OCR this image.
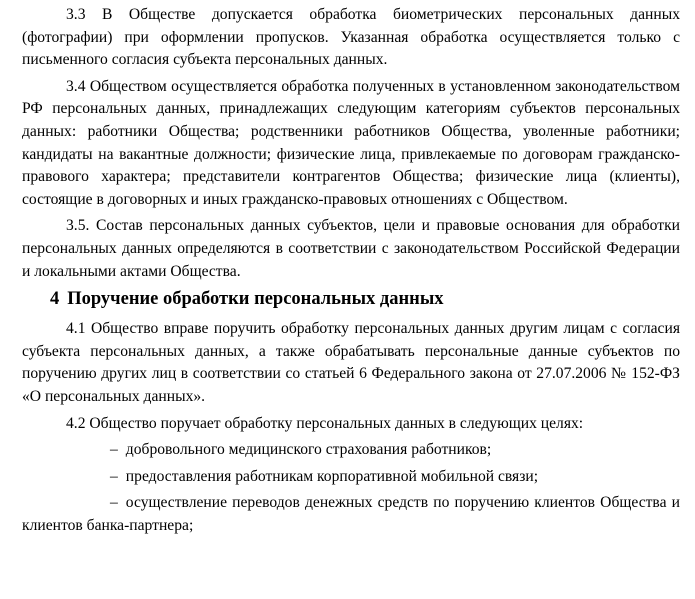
3.3 В Обществе допускается обработка биометрических персональных данных (фотографии) при оформлении пропусков. Указанная обработка осуществляется только с письменного согласия субъекта персональных данных.

3.4 Обществом осуществляется обработка полученных в установленном законодательством РФ персональных данных, принадлежащих следующим категориям субъектов персональных данных: работники Общества; родственники работников Общества, уволенные работники; кандидаты на вакантные должности; физические лица, привлекаемые по договорам гражданско-правового характера; представители контрагентов Общества; физические лица (клиенты), состоящие в договорных и иных гражданско-правовых отношениях с Обществом.

3.5. Состав персональных данных субъектов, цели и правовые основания для обработки персональных данных определяются в соответствии с законодательством Российской Федерации и локальными актами Общества.

4 Поручение обработки персональных данных

4.1 Общество вправе поручить обработку персональных данных другим лицам с согласия субъекта персональных данных, а также обрабатывать персональные данные субъектов по поручению других лиц в соответствии со статьей 6 Федерального закона от 27.07.2006 № 152-ФЗ «О персональных данных».

4.2 Общество поручает обработку персональных данных в следующих целях:

– добровольного медицинского страхования работников;

– предоставления работникам корпоративной мобильной связи;

– осуществление переводов денежных средств по поручению клиентов Общества и клиентов банка-партнера;
